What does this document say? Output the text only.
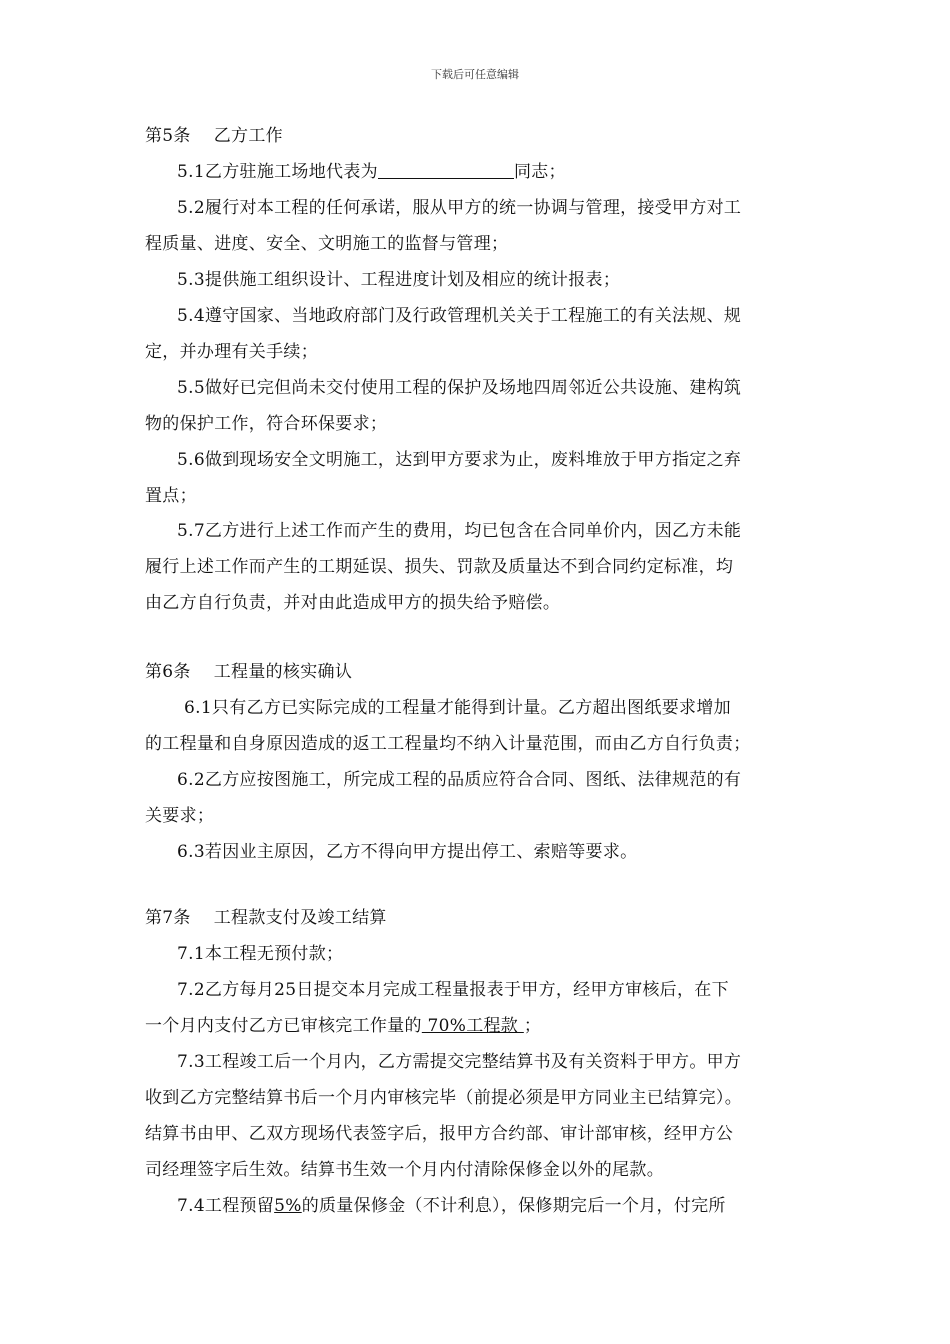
下载后可任意编辑
第5条　 乙方工作
5.1乙方驻施工场地代表为	同志；
5.2履行对本工程的任何承诺，服从甲方的统一协调与管理，接受甲方对工
程质量、进度、安全、文明施工的监督与管理；
5.3提供施工组织设计、工程进度计划及相应的统计报表；
5.4遵守国家、当地政府部门及行政管理机关关于工程施工的有关法规、规
定，并办理有关手续；
5.5做好已完但尚未交付使用工程的保护及场地四周邻近公共设施、建构筑
物的保护工作，符合环保要求；
5.6做到现场安全文明施工，达到甲方要求为止，废料堆放于甲方指定之弃
置点；
5.7乙方进行上述工作而产生的费用，均已包含在合同单价内，因乙方未能
履行上述工作而产生的工期延误、损失、罚款及质量达不到合同约定标准，均
由乙方自行负责，并对由此造成甲方的损失给予赔偿。
第6条　 工程量的核实确认
6.1只有乙方已实际完成的工程量才能得到计量。乙方超出图纸要求增加
的工程量和自身原因造成的返工工程量均不纳入计量范围，而由乙方自行负责；
6.2乙方应按图施工，所完成工程的品质应符合合同、图纸、法律规范的有
关要求；
6.3若因业主原因，乙方不得向甲方提出停工、索赔等要求。
第7条　 工程款支付及竣工结算
7.1本工程无预付款；
7.2乙方每月25日提交本月完成工程量报表于甲方，经甲方审核后，在下
一个月内支付乙方已审核完工作量的 70%工程款 ；
7.3工程竣工后一个月内，乙方需提交完整结算书及有关资料于甲方。甲方
收到乙方完整结算书后一个月内审核完毕（前提必须是甲方同业主已结算完）。
结算书由甲、乙双方现场代表签字后，报甲方合约部、审计部审核，经甲方公
司经理签字后生效。结算书生效一个月内付清除保修金以外的尾款。
7.4工程预留5%的质量保修金（不计利息），保修期完后一个月，付完所
